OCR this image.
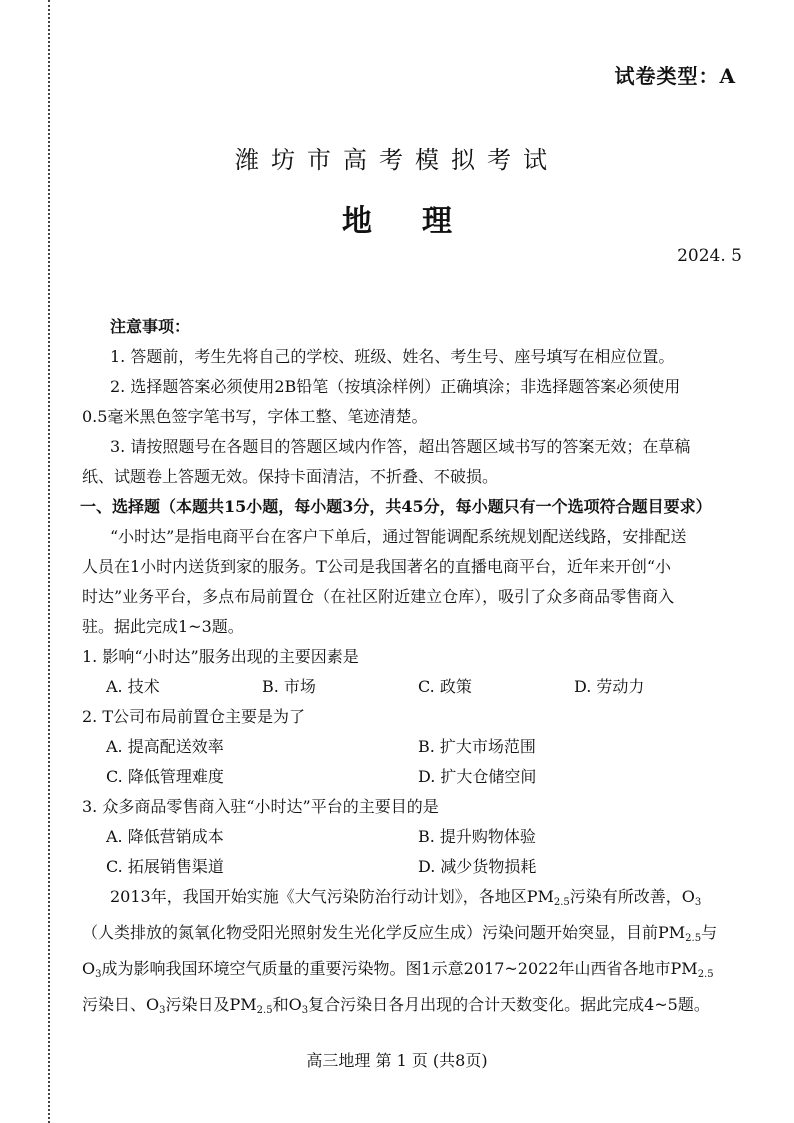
试卷类型：A
潍坊市高考模拟考试
地理
2024. 5
注意事项：
1. 答题前，考生先将自己的学校、班级、姓名、考生号、座号填写在相应位置。
2. 选择题答案必须使用2B铅笔（按填涂样例）正确填涂；非选择题答案必须使用
0.5毫米黑色签字笔书写，字体工整、笔迹清楚。
3. 请按照题号在各题目的答题区域内作答，超出答题区域书写的答案无效；在草稿
纸、试题卷上答题无效。保持卡面清洁，不折叠、不破损。
一、选择题（本题共15小题，每小题3分，共45分，每小题只有一个选项符合题目要求）
“小时达”是指电商平台在客户下单后，通过智能调配系统规划配送线路，安排配送
人员在1小时内送货到家的服务。T公司是我国著名的直播电商平台，近年来开创“小
时达”业务平台，多点布局前置仓（在社区附近建立仓库），吸引了众多商品零售商入
驻。据此完成1~3题。
1. 影响“小时达”服务出现的主要因素是
A. 技术	B. 市场	C. 政策	D. 劳动力
2. T公司布局前置仓主要是为了
A. 提高配送效率	B. 扩大市场范围
C. 降低管理难度	D. 扩大仓储空间
3. 众多商品零售商入驻“小时达”平台的主要目的是
A. 降低营销成本	B. 提升购物体验
C. 拓展销售渠道	D. 减少货物损耗
2013年，我国开始实施《大气污染防治行动计划》，各地区$PM_{2.5}$污染有所改善，$O_3$
（人类排放的氮氧化物受阳光照射发生光化学反应生成）污染问题开始突显，目前$PM_{2.5}$与
$O_3$成为影响我国环境空气质量的重要污染物。图1示意2017~2022年山西省各地市$PM_{2.5}$
污染日、$O_3$污染日及$PM_{2.5}$和$O_3$复合污染日各月出现的合计天数变化。据此完成4~5题。
高三地理 第 1 页 (共8页)
